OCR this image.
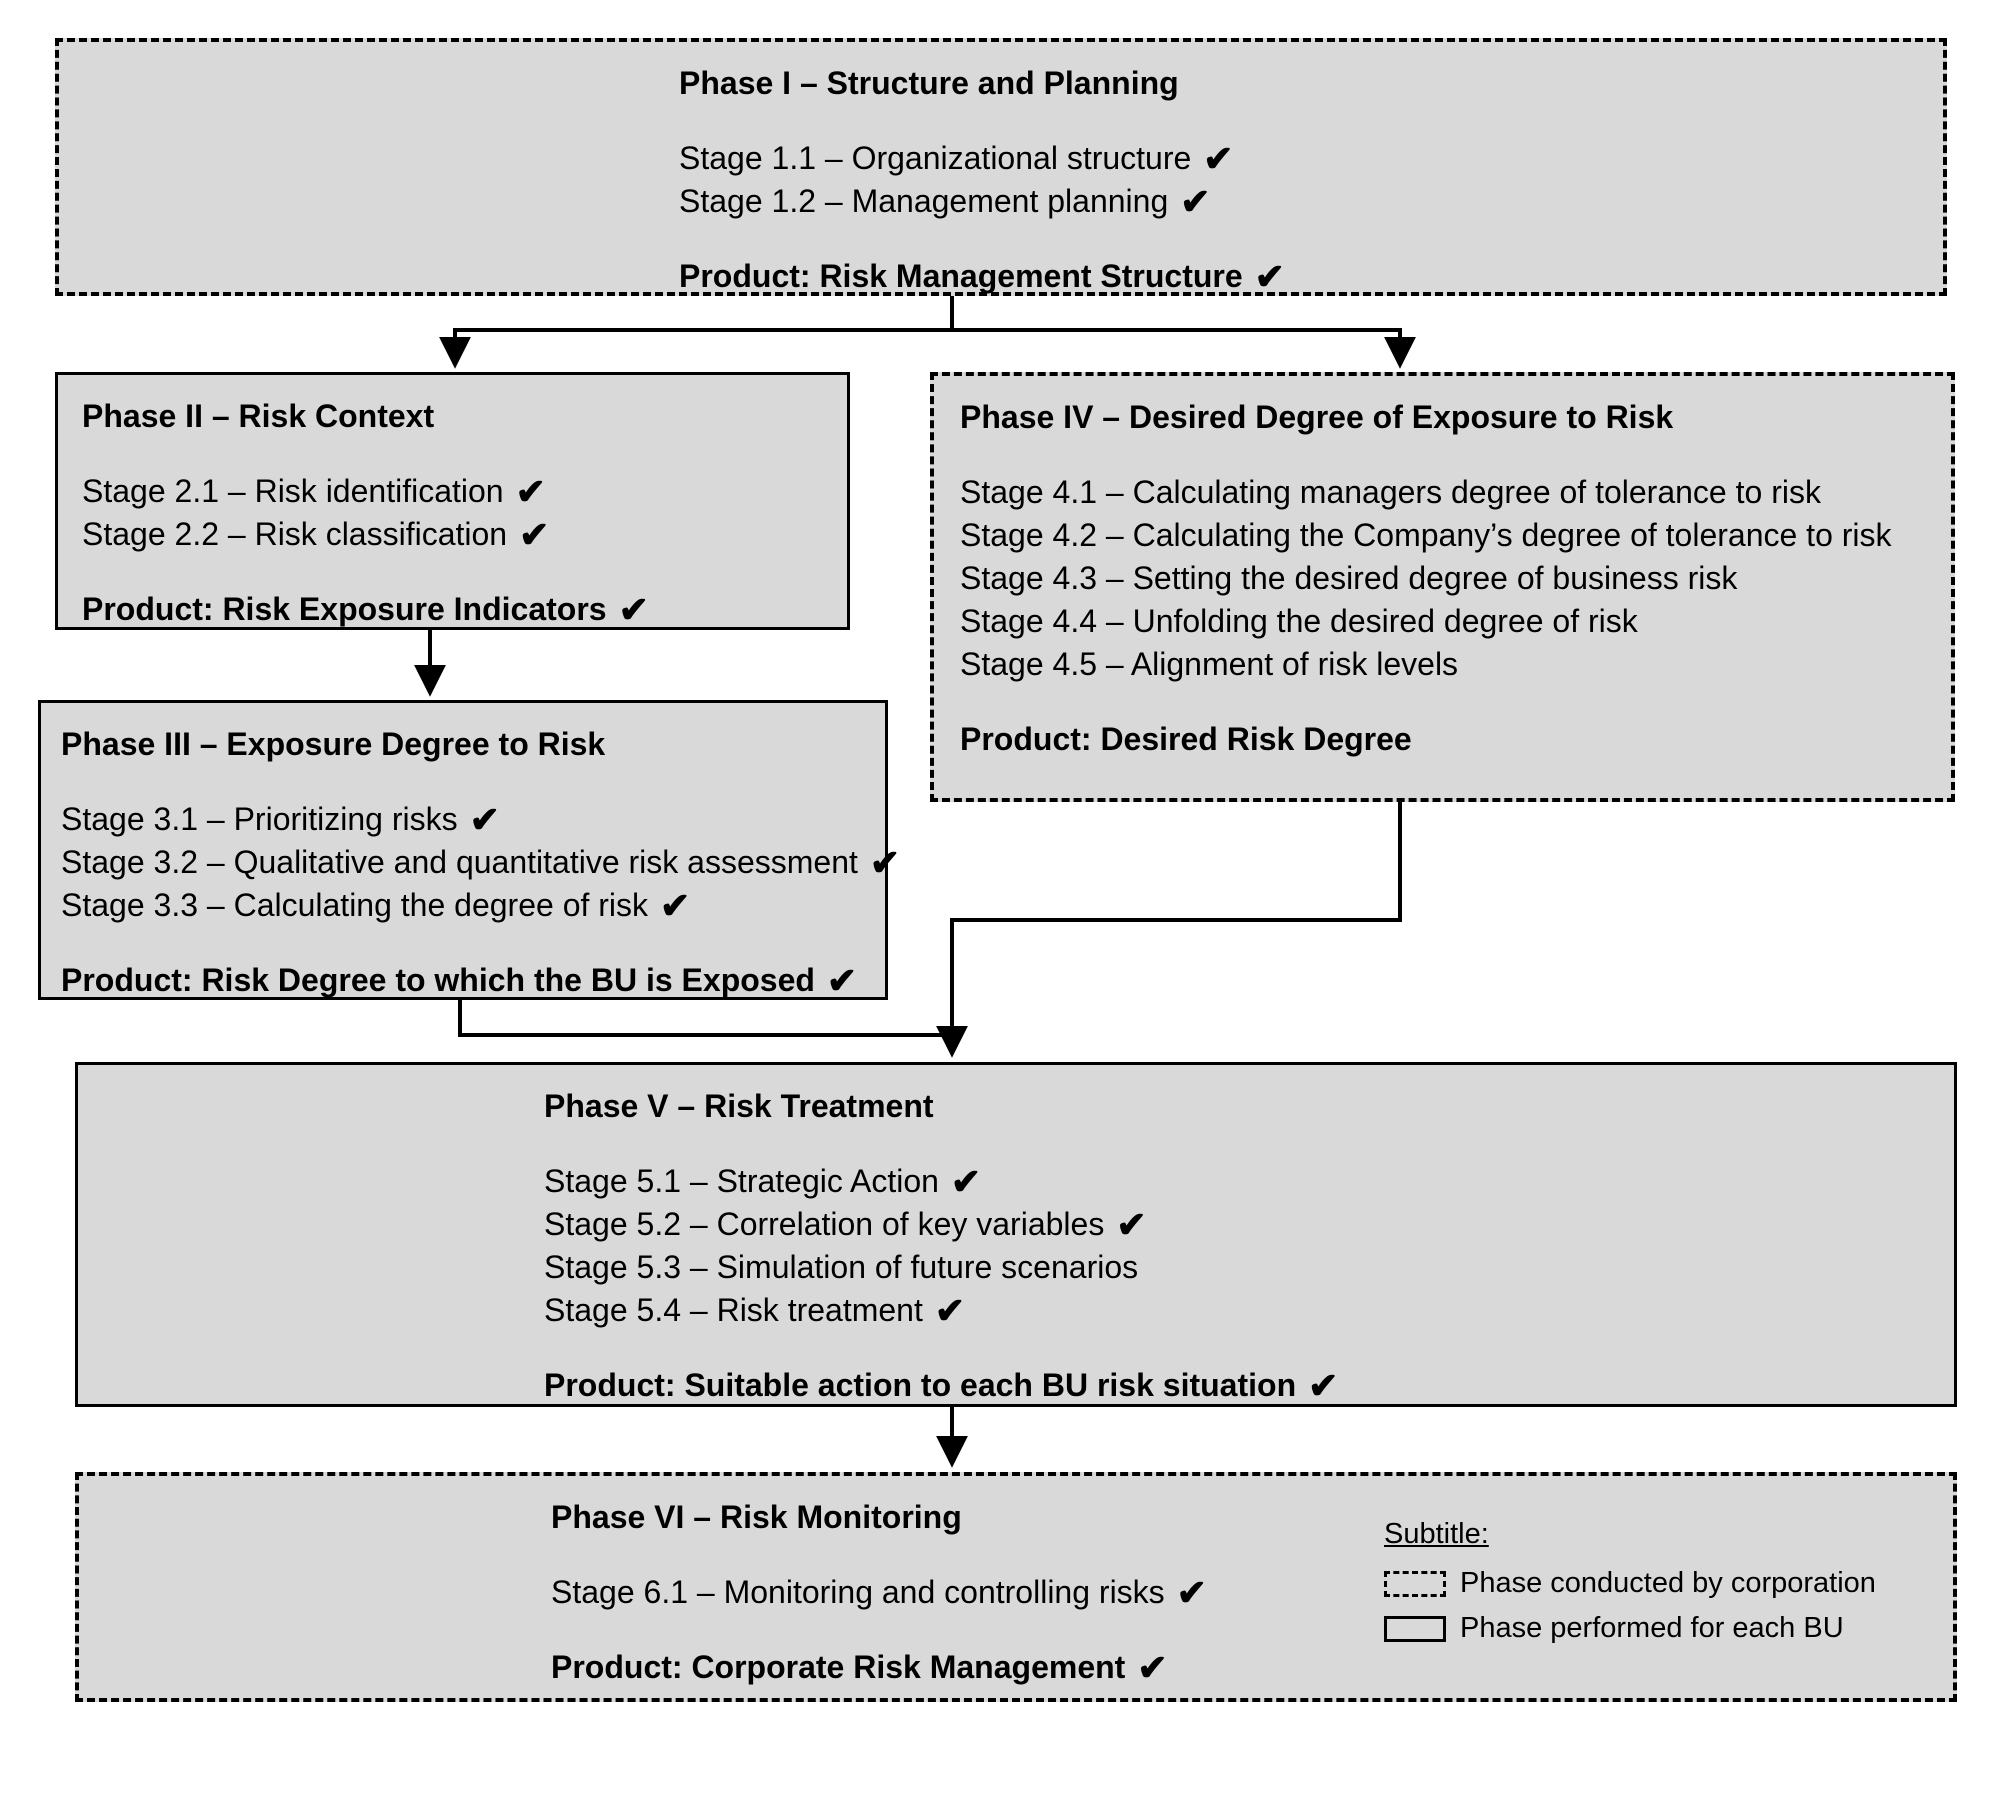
Phase I – Structure and Planning
Stage 1.1 – Organizational structure ✔
Stage 1.2 – Management planning ✔
Product: Risk Management Structure ✔
Phase II – Risk Context
Stage 2.1 – Risk identification ✔
Stage 2.2 – Risk classification ✔
Product: Risk Exposure Indicators ✔
Phase IV – Desired Degree of Exposure to Risk
Stage 4.1 – Calculating managers degree of tolerance to risk
Stage 4.2 – Calculating the Company’s degree of tolerance to risk
Stage 4.3 – Setting the desired degree of business risk
Stage 4.4 – Unfolding the desired degree of risk
Stage 4.5 – Alignment of risk levels
Product: Desired Risk Degree
Phase III – Exposure Degree to Risk
Stage 3.1 – Prioritizing risks ✔
Stage 3.2 – Qualitative and quantitative risk assessment ✔
Stage 3.3 – Calculating the degree of risk ✔
Product: Risk Degree to which the BU is Exposed ✔
Phase V – Risk Treatment
Stage 5.1 – Strategic Action ✔
Stage 5.2 – Correlation of key variables ✔
Stage 5.3 – Simulation of future scenarios
Stage 5.4 – Risk treatment ✔
Product: Suitable action to each BU risk situation ✔
Phase VI – Risk Monitoring
Stage 6.1 – Monitoring and controlling risks ✔
Product: Corporate Risk Management ✔
Subtitle:
Phase conducted by corporation
Phase performed for each BU
